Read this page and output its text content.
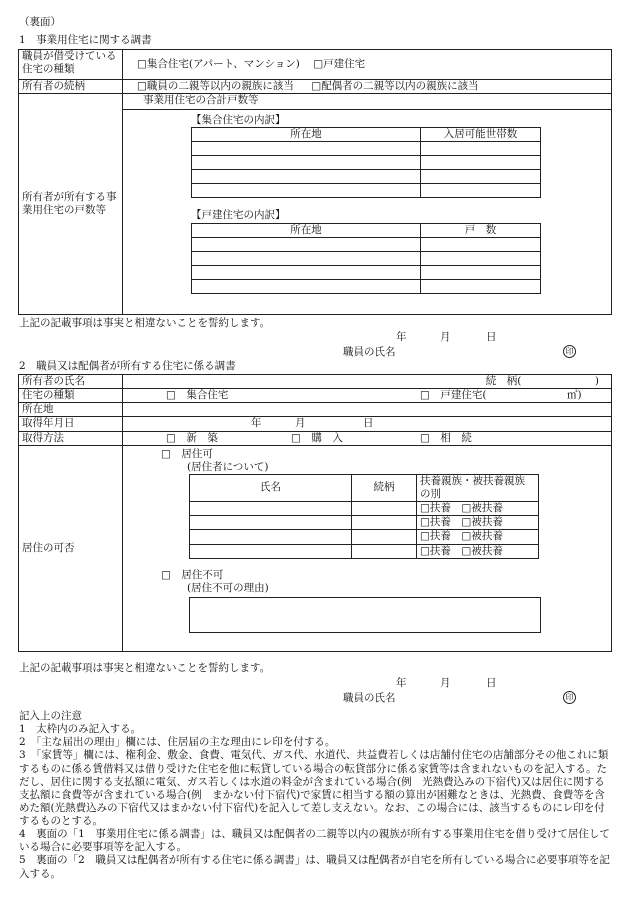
（裏面）
1　事業用住宅に関する調書
職員が借受けている住宅の種類	□集合住宅(アパート、マンション) □戸建住宅
所有者の続柄	□職員の二親等以内の親族に該当 □配偶者の二親等以内の親族に該当
所有者が所有する事業用住宅の戸数等	
事業用住宅の合計戸数等
【集合住宅の内訳】
所在地	入居可能世帯数

【戸建住宅の内訳】
所在地	戸　数

上記の記載事項は事実と相違ないことを誓約します。
年	月	日
職員の氏名	印
2　職員又は配偶者が所有する住宅に係る調書
所有者の氏名	続　柄(　　　　　　　)
住宅の種類	□　集合住宅	□　戸建住宅(	㎡)

所在地	
取得年月日	年	月	日

取得方法	□　新　築	□　購　入	□　相　続

居住の可否	
□　居住可
(居住者について)
氏名	続柄	扶養親族・被扶養親族の別
		□扶養　 □被扶養
		□扶養　 □被扶養
		□扶養　 □被扶養
		□扶養　 □被扶養
□　居住不可
(居住不可の理由)
上記の記載事項は事実と相違ないことを誓約します。
年	月	日
職員の氏名	印

記入上の注意

1　太枠内のみ記入する。

2　「主な届出の理由」欄には、住居届の主な理由にレ印を付する。

3　「家賃等」欄には、権利金、敷金、食費、電気代、ガス代、水道代、共益費若しくは店舗付住宅の店舗部分その他これに類するものに係る賃借料又は借り受けた住宅を他に転貸している場合の転貸部分に係る家賃等は含まれないものを記入する。ただし、居住に関する支払額に電気、ガス若しくは水道の料金が含まれている場合(例　光熱費込みの下宿代)又は居住に関する支払額に食費等が含まれている場合(例　まかない付下宿代)で家賃に相当する額の算出が困難なときは、光熱費、食費等を含めた額(光熱費込みの下宿代又はまかない付下宿代)を記入して差し支えない。なお、この場合には、該当するものにレ印を付するものとする。

4　裏面の「1　事業用住宅に係る調書」は、職員又は配偶者の二親等以内の親族が所有する事業用住宅を借り受けて居住している場合に必要事項等を記入する。

5　裏面の「2　職員又は配偶者が所有する住宅に係る調書」は、職員又は配偶者が自宅を所有している場合に必要事項等を記入する。
